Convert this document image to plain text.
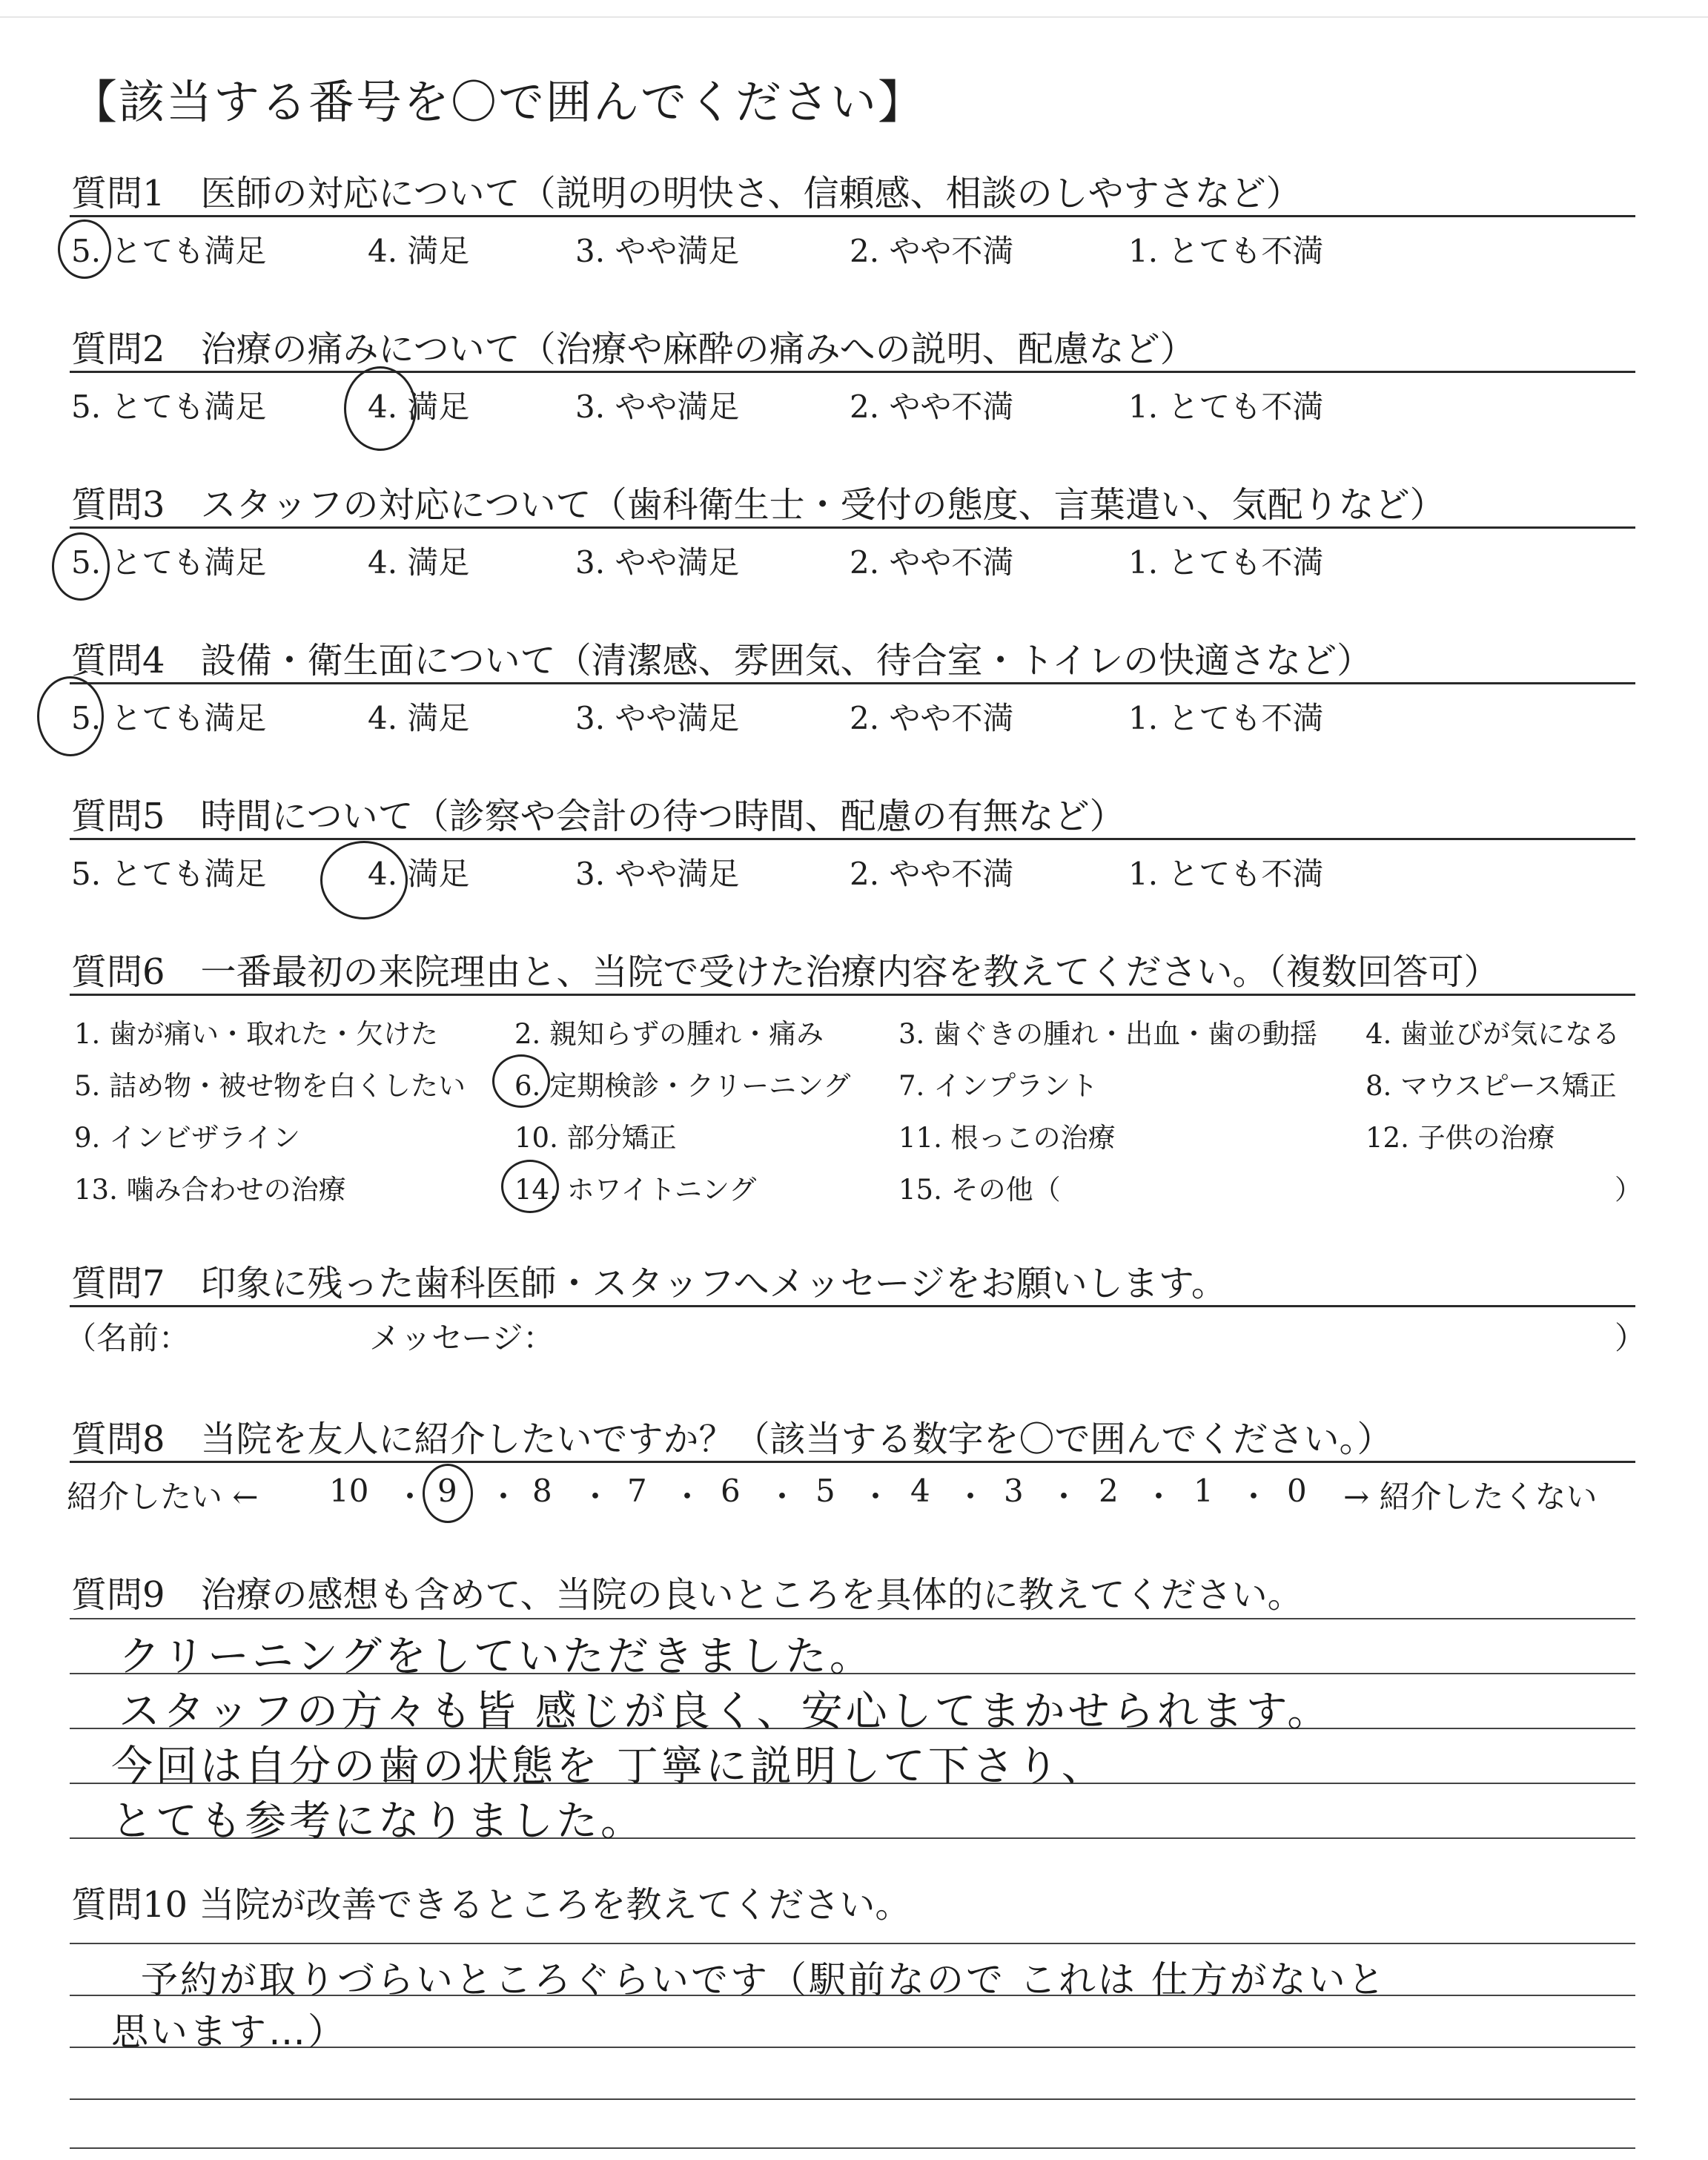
【該当する番号を〇で囲んでください】
質問1　医師の対応について（説明の明快さ、信頼感、相談のしやすさなど）
5. とても満足	4. 満足	3. やや満足	2. やや不満	1. とても不満
質問2　治療の痛みについて（治療や麻酔の痛みへの説明、配慮など）
5. とても満足	4. 満足	3. やや満足	2. やや不満	1. とても不満
質問3　スタッフの対応について（歯科衛生士・受付の態度、言葉遣い、気配りなど）
5. とても満足	4. 満足	3. やや満足	2. やや不満	1. とても不満
質問4　設備・衛生面について（清潔感、雰囲気、待合室・トイレの快適さなど）
5. とても満足	4. 満足	3. やや満足	2. やや不満	1. とても不満
質問5　時間について（診察や会計の待つ時間、配慮の有無など）
5. とても満足	4. 満足	3. やや満足	2. やや不満	1. とても不満
質問6　一番最初の来院理由と、当院で受けた治療内容を教えてください。（複数回答可）
1. 歯が痛い・取れた・欠けた	2. 親知らずの腫れ・痛み	3. 歯ぐきの腫れ・出血・歯の動揺 4. 歯並びが気になる
5. 詰め物・被せ物を白くしたい 6. 定期検診・クリーニング 7. インプラント	8. マウスピース矯正
9. インビザライン	10. 部分矯正	11. 根っこの治療	12. 子供の治療
13. 噛み合わせの治療	14. ホワイトニング	15. その他（	）
質問7　印象に残った歯科医師・スタッフへメッセージをお願いします。
（名前：	メッセージ：	）
質問8　当院を友人に紹介したいですか？（該当する数字を〇で囲んでください。）
紹介したい ← 10 ・ 9 ・ 8 ・ 7 ・ 6 ・ 5 ・ 4 ・ 3 ・ 2 ・ 1 ・ 0 → 紹介したくない
質問9　治療の感想も含めて、当院の良いところを具体的に教えてください。
クリーニングをしていただきました。
スタッフの方々も皆 感じが良く、安心してまかせられます。
今回は自分の歯の状態を 丁寧に説明して下さり、
とても参考になりました。
質問10 当院が改善できるところを教えてください。
予約が取りづらいところぐらいです（駅前なので これは 仕方がないと
思います…）
